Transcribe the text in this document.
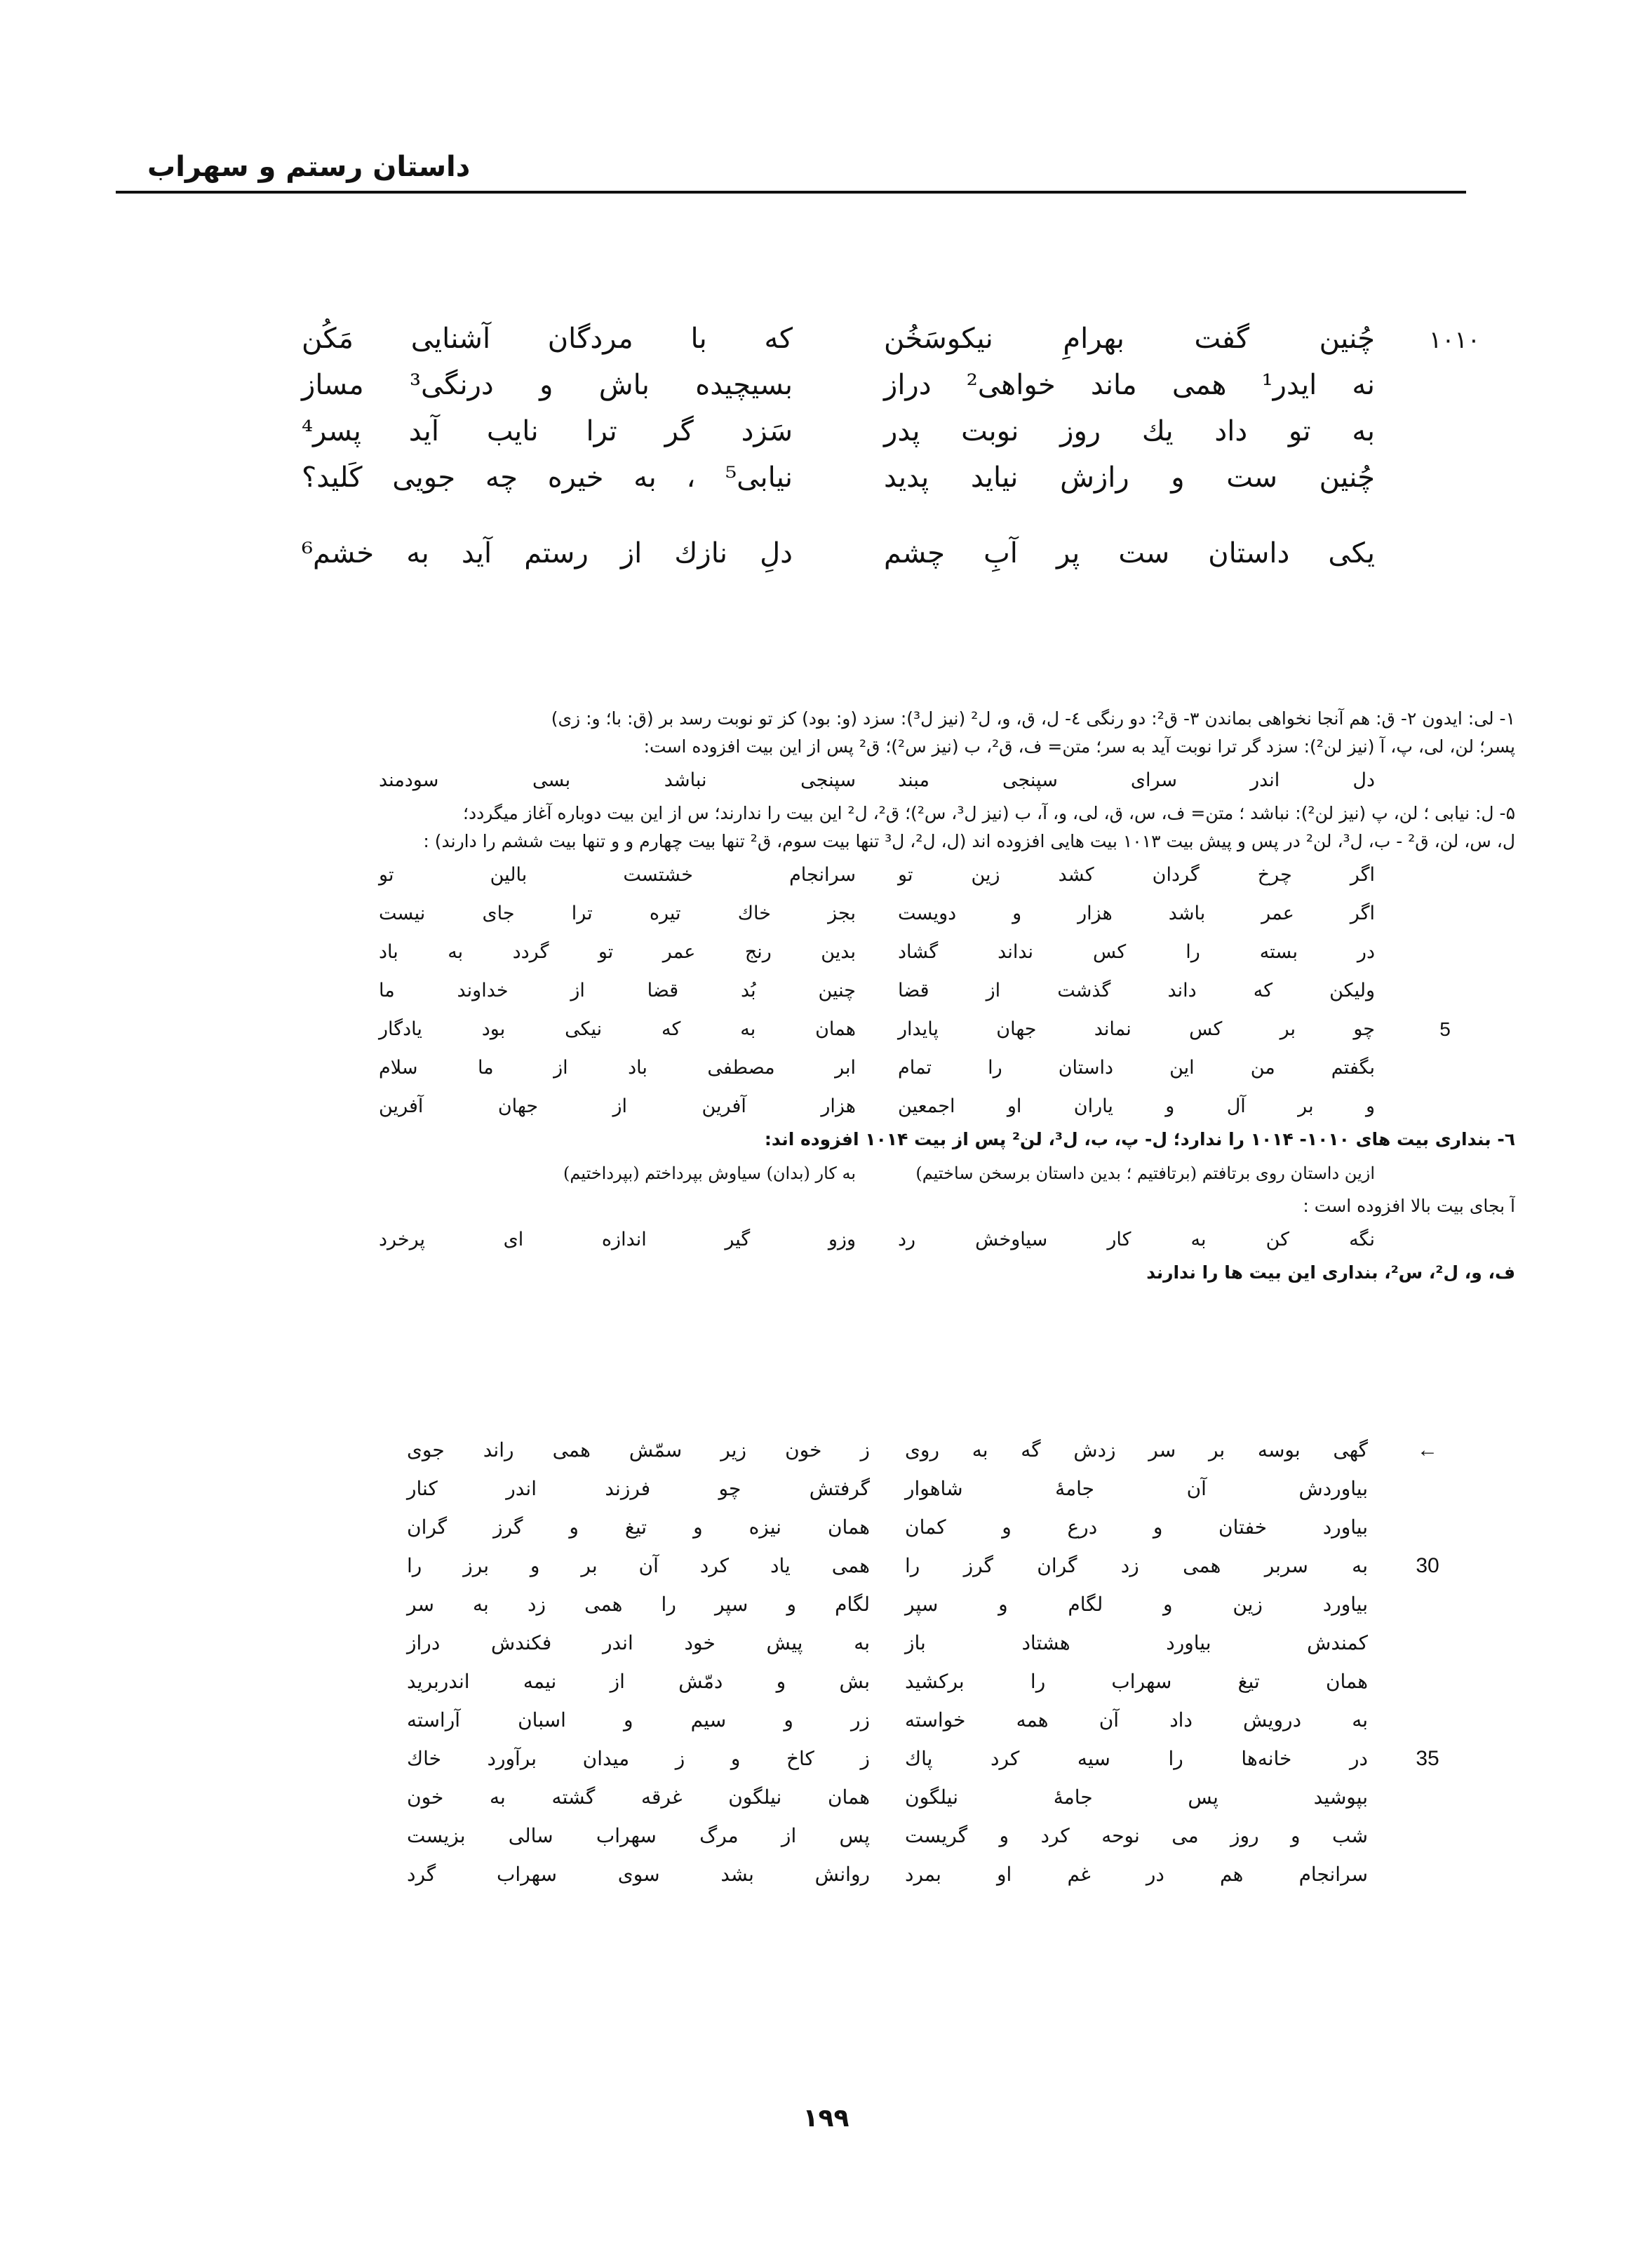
داستان رستم و سهراب
۱۰۱۰
چُنین گفت بهرامِ نیکوسَخُن
که با مردگان آشنایی مَکُن
نه ایدر¹ همی ماند خواهی² دراز
بسیچیده باش و درنگی³ مساز
به تو داد یك روز نوبت پدر
سَزد گر ترا نایب آید پسر⁴
چُنین ست و رازش نیاید پدید
نیابی⁵ ، به خیره چه جویی کَلید؟
یکی داستان ست پر آبِ چشم
دلِ نازك از رستم آید به خشم⁶
۱- لی: ایدون ۲- ق: هم آنجا نخواهی بماندن ۳- ق²: دو رنگی ٤- ل، ق، و، ل² (نیز ل³): سزد (و: بود) کز تو نوبت رسد بر (ق: با؛ و: زی)
پسر؛ لن، لی، پ، آ (نیز لن²): سزد گر ترا نوبت آید به سر؛ متن= ف، ق²، ب (نیز س²)؛ ق² پس از این بیت افزوده است:
دل اندر سرای سپنجی مبند
سپنجی نباشد بسی سودمند
۵- ل: نیابی ؛ لن، پ (نیز لن²): نباشد ؛ متن= ف، س، ق، لی، و، آ، ب (نیز ل³، س²)؛ ق²، ل² این بیت را ندارند؛ س از این بیت دوباره آغاز میگردد؛
ل، س، لن، ق² - ب، ل³، لن² در پس و پیش بیت ۱۰۱۳ بیت هایی افزوده اند (ل، ل²، ل³ تنها بیت سوم، ق² تنها بیت چهارم و و تنها بیت ششم را دارند) :
اگر چرخ گردان کشد زین تو
سرانجام خشتست بالین تو
اگر عمر باشد هزار و دویست
بجز خاك تیره ترا جای نیست
در بسته را کس نداند گشاد
بدین رنج عمر تو گردد به باد
ولیکن که داند گذشت از قضا
چنین بُد قضا از خداوند ما
5
چو بر کس نماند جهان پایدار
همان به که نیکی بود یادگار
بگفتم من این داستان را تمام
ابر مصطفی باد از ما سلام
و بر آل و یاران او اجمعین
هزار آفرین از جهان آفرین
٦- بنداری بیت های ۱۰۱۰- ۱۰۱۴ را ندارد؛ ل- پ، ب، ل³، لن² پس از بیت ۱۰۱۴ افزوده اند:
ازین داستان روی برتافتم (برتافتیم ؛ بدین داستان برسخن ساختیم)
به کار (بدان) سیاوش بپرداختم (بپرداختیم)
آ بجای بیت بالا افزوده است :
نگه کن به کار سیاوخش رد
وزو گیر اندازه ای پرخرد
ف، و، ل²، س²، بنداری این بیت ها را ندارند
←
گهی بوسه بر سر زدش گه به روی
ز خون زیر سمّش همی راند جوی
بیاوردش آن جامهٔ شاهوار
گرفتش چو فرزند اندر کنار
بیاورد خفتان و درع و کمان
همان نیزه و تیغ و گرز گران
30
به سربر همی زد گران گرز را
همی یاد کرد آن بر و برز را
بیاورد زین و لگام و سپر
لگام و سپر را همی زد به سر
کمندش بیاورد هشتاد باز
به پیش خود اندر فکندش دراز
همان تیغ سهراب را برکشید
بش و دمّش از نیمه اندربرید
به درویش داد آن همه خواسته
زر و سیم و اسبان آراسته
35
در خانه‌ها را سیه کرد پاك
ز کاخ و ز میدان برآورد خاك
بپوشید پس جامهٔ نیلگون
همان نیلگون غرقه گشته به خون
شب و روز می نوحه کرد و گریست
پس از مرگ سهراب سالی بزیست
سرانجام هم در غم او بمرد
روانش بشد سوی سهراب گرد
۱۹۹
